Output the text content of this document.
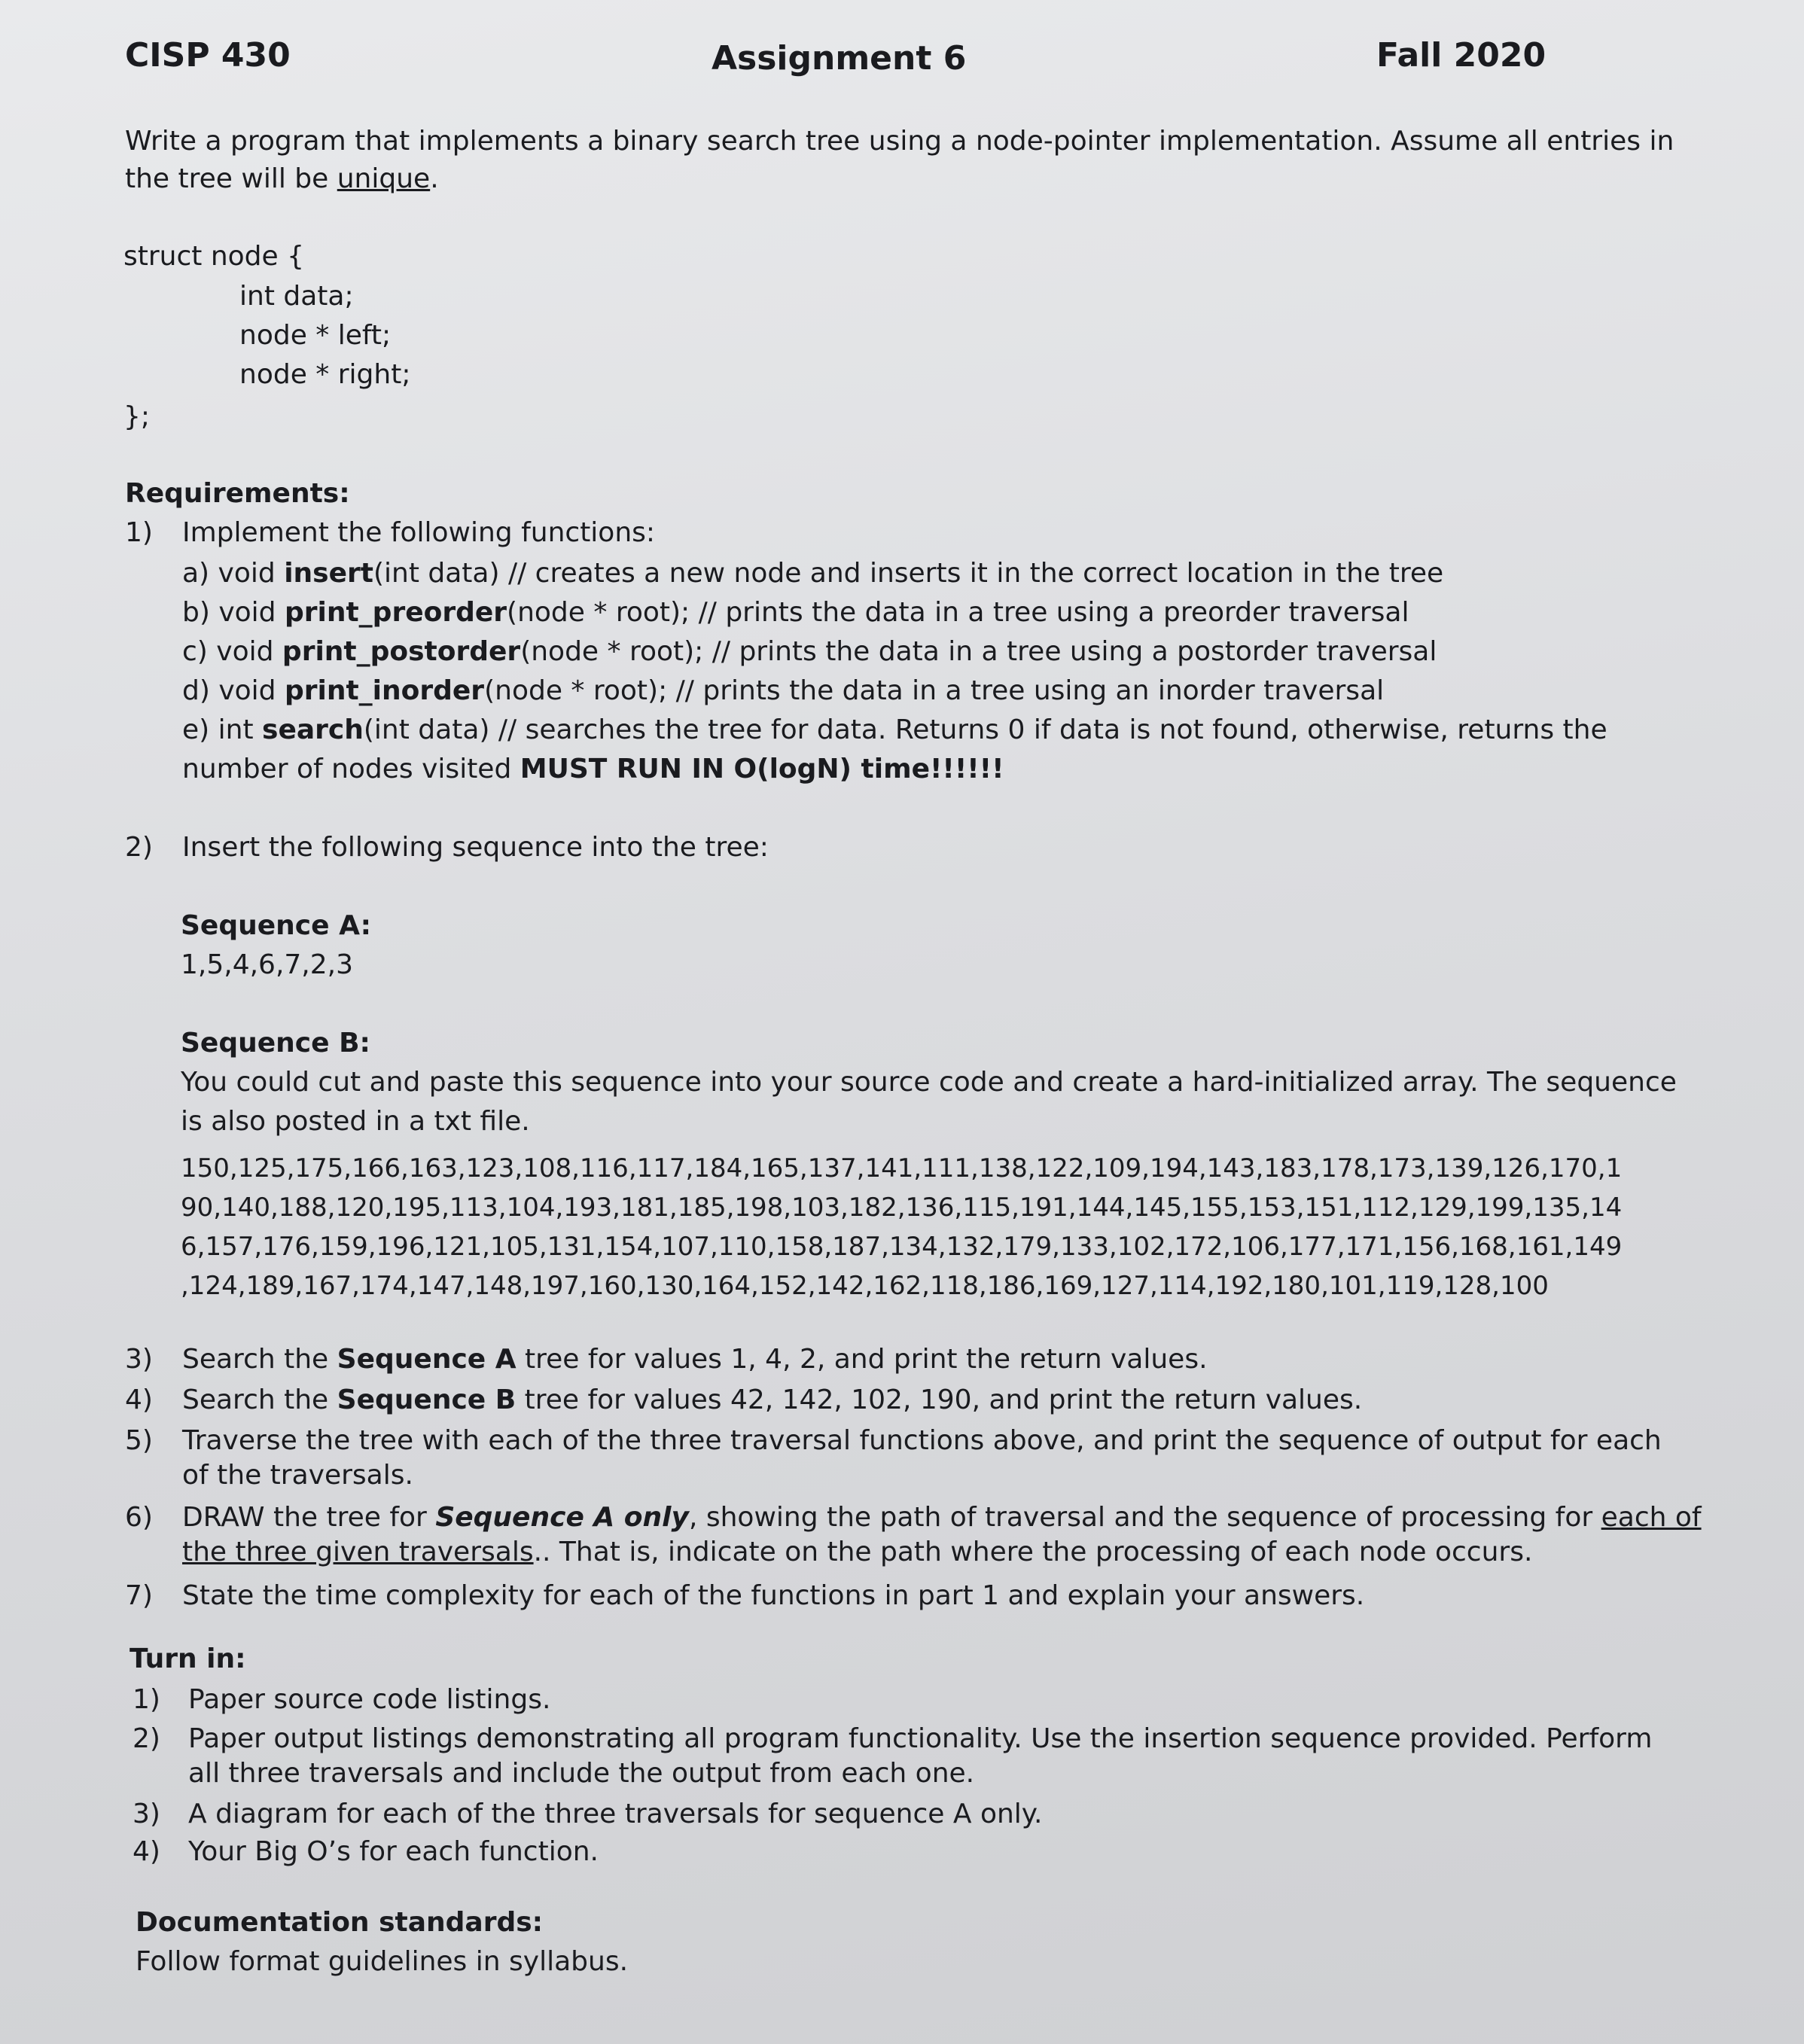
CISP 430	Assignment 6	Fall 2020
Write a program that implements a binary search tree using a node-pointer implementation. Assume all entries in
the tree will be unique.
struct node {
int data;
node * left;
node * right;
};
Requirements:
1) Implement the following functions:
a) void insert(int data) // creates a new node and inserts it in the correct location in the tree
b) void print_preorder(node * root); // prints the data in a tree using a preorder traversal
c) void print_postorder(node * root); // prints the data in a tree using a postorder traversal
d) void print_inorder(node * root); // prints the data in a tree using an inorder traversal
e) int search(int data) // searches the tree for data. Returns 0 if data is not found, otherwise, returns the
number of nodes visited MUST RUN IN O(logN) time!!!!!!
2) Insert the following sequence into the tree:
Sequence A:
1,5,4,6,7,2,3
Sequence B:
You could cut and paste this sequence into your source code and create a hard-initialized array. The sequence
is also posted in a txt file.
150,125,175,166,163,123,108,116,117,184,165,137,141,111,138,122,109,194,143,183,178,173,139,126,170,1
90,140,188,120,195,113,104,193,181,185,198,103,182,136,115,191,144,145,155,153,151,112,129,199,135,14
6,157,176,159,196,121,105,131,154,107,110,158,187,134,132,179,133,102,172,106,177,171,156,168,161,149
,124,189,167,174,147,148,197,160,130,164,152,142,162,118,186,169,127,114,192,180,101,119,128,100
3) Search the Sequence A tree for values 1, 4, 2, and print the return values.
4) Search the Sequence B tree for values 42, 142, 102, 190, and print the return values.
5) Traverse the tree with each of the three traversal functions above, and print the sequence of output for each
of the traversals.
6) DRAW the tree for Sequence A only, showing the path of traversal and the sequence of processing for each of
the three given traversals.. That is, indicate on the path where the processing of each node occurs.
7) State the time complexity for each of the functions in part 1 and explain your answers.
Turn in:
1) Paper source code listings.
2) Paper output listings demonstrating all program functionality. Use the insertion sequence provided. Perform
all three traversals and include the output from each one.
3) A diagram for each of the three traversals for sequence A only.
4) Your Big O’s for each function.
Documentation standards:
Follow format guidelines in syllabus.
